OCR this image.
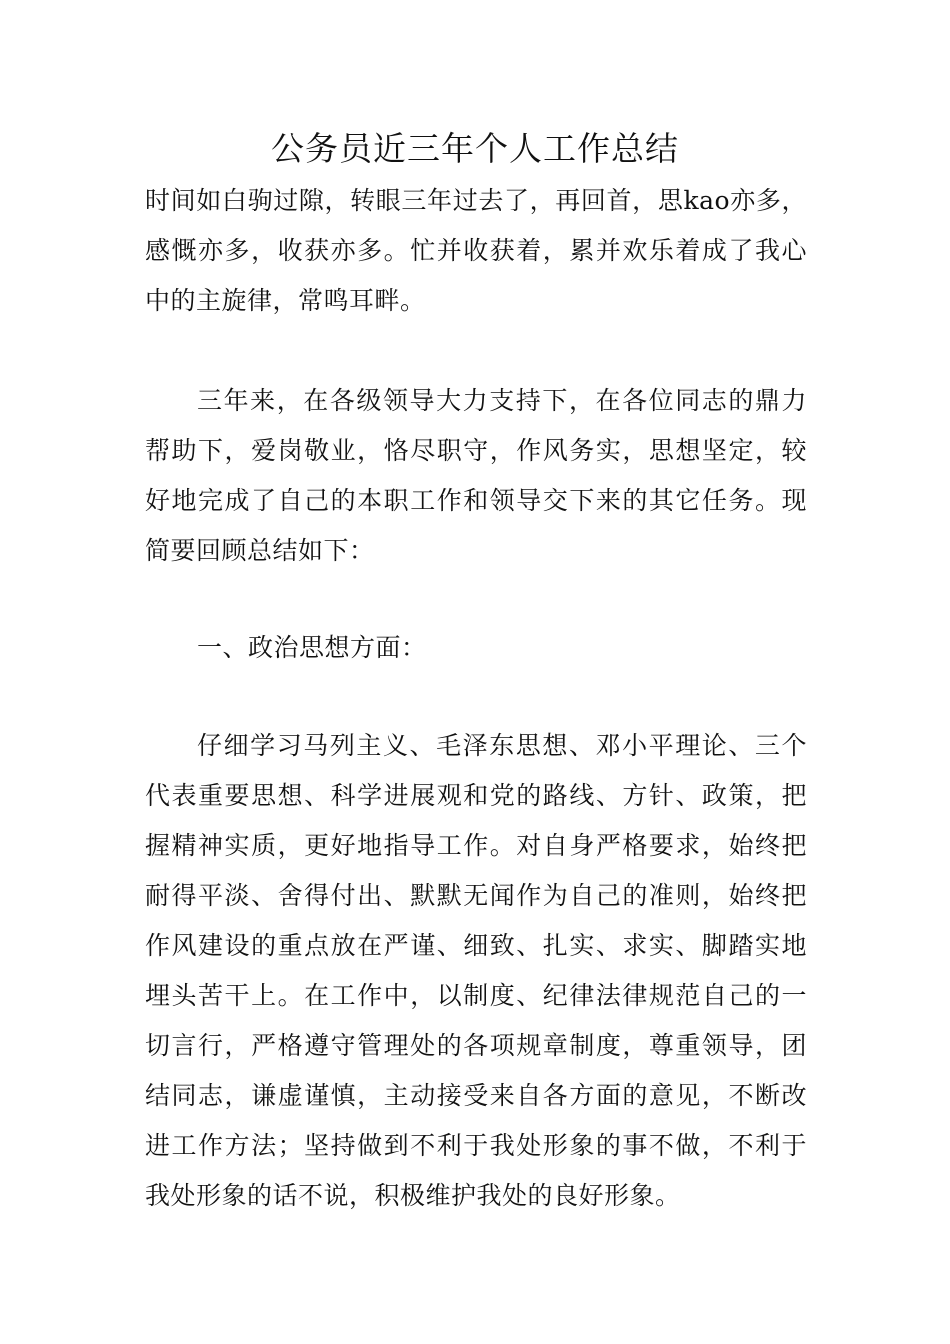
公务员近三年个人工作总结

时间如白驹过隙，转眼三年过去了，再回首，思kao亦多，感慨亦多，收获亦多。忙并收获着，累并欢乐着成了我心中的主旋律，常鸣耳畔。

三年来，在各级领导大力支持下，在各位同志的鼎力帮助下，爱岗敬业，恪尽职守，作风务实，思想坚定，较好地完成了自己的本职工作和领导交下来的其它任务。现简要回顾总结如下：

一、政治思想方面：

仔细学习马列主义、毛泽东思想、邓小平理论、三个代表重要思想、科学进展观和党的路线、方针、政策，把握精神实质，更好地指导工作。对自身严格要求，始终把耐得平淡、舍得付出、默默无闻作为自己的准则，始终把作风建设的重点放在严谨、细致、扎实、求实、脚踏实地埋头苦干上。在工作中，以制度、纪律法律规范自己的一切言行，严格遵守管理处的各项规章制度，尊重领导，团结同志，谦虚谨慎，主动接受来自各方面的意见，不断改进工作方法；坚持做到不利于我处形象的事不做，不利于我处形象的话不说，积极维护我处的良好形象。
